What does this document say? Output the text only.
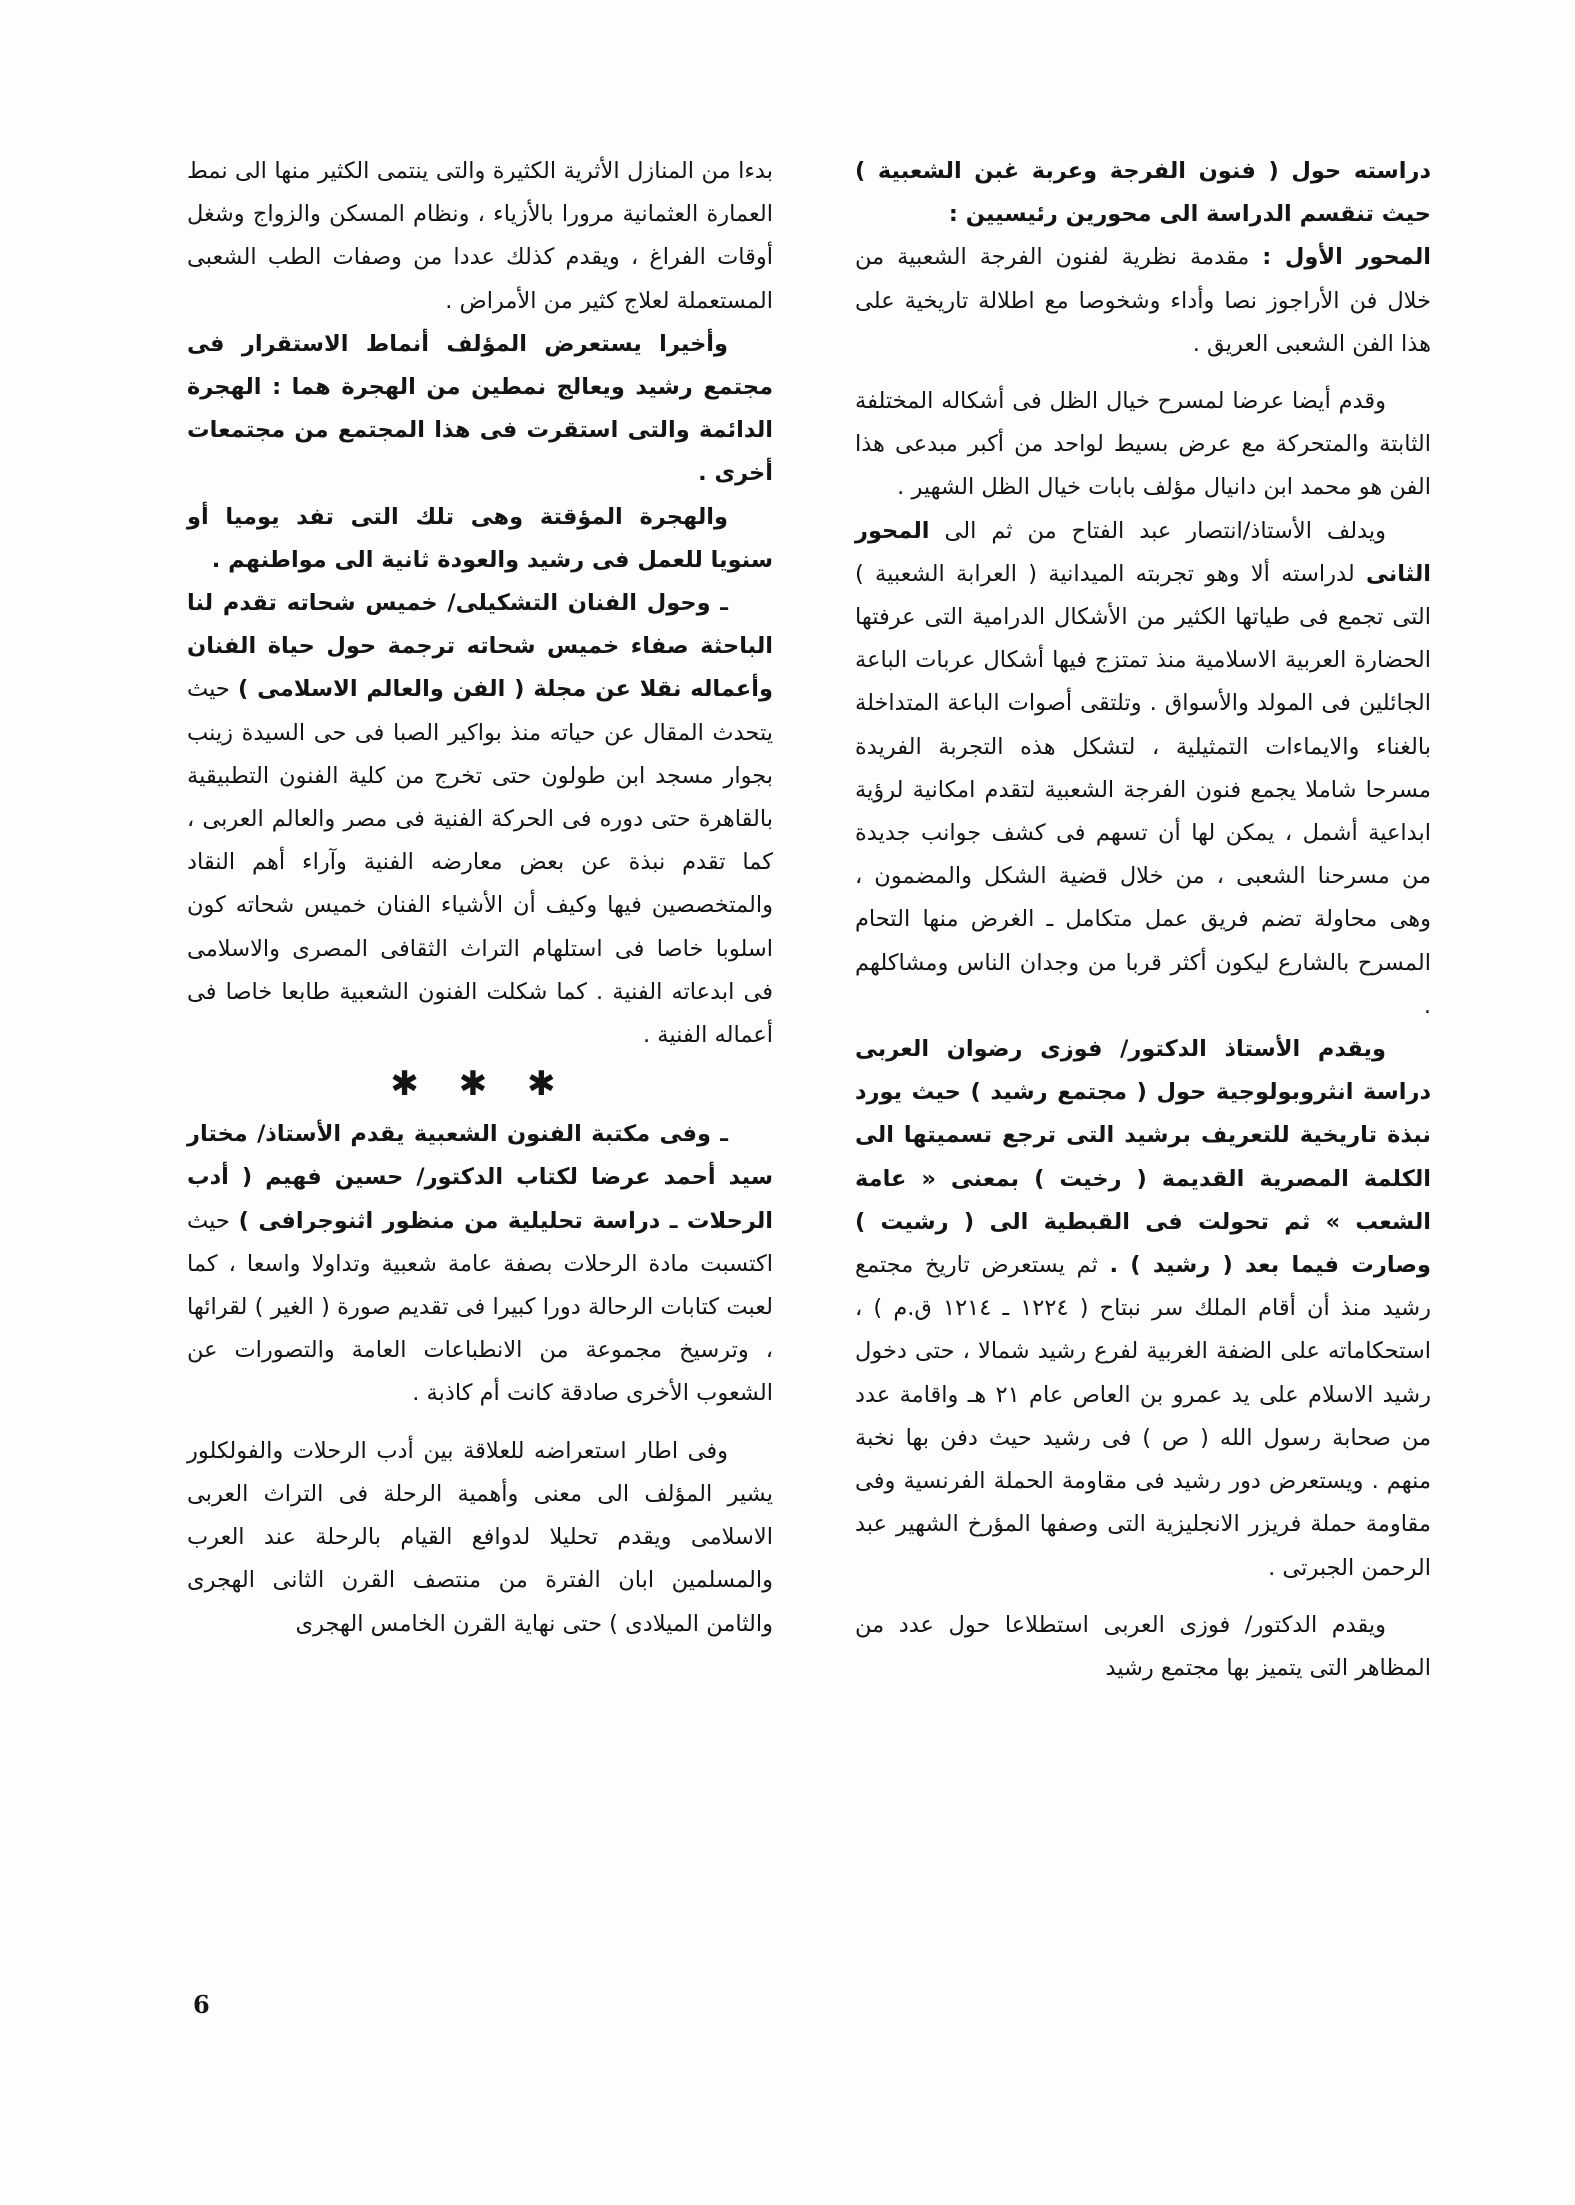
دراسته حول ( فنون الفرجة وعربة غبن الشعبية ) حيث تنقسم الدراسة الى محورين رئيسيين :

المحور الأول : مقدمة نظرية لفنون الفرجة الشعبية من خلال فن الأراجوز نصا وأداء وشخوصا مع اطلالة تاريخية على هذا الفن الشعبى العريق .

وقدم أيضا عرضا لمسرح خيال الظل فى أشكاله المختلفة الثابتة والمتحركة مع عرض بسيط لواحد من أكبر مبدعى هذا الفن هو محمد ابن دانيال مؤلف بابات خيال الظل الشهير .

ويدلف الأستاذ/انتصار عبد الفتاح من ثم الى المحور الثانى لدراسته ألا وهو تجربته الميدانية ( العرابة الشعبية ) التى تجمع فى طياتها الكثير من الأشكال الدرامية التى عرفتها الحضارة العربية الاسلامية منذ تمتزج فيها أشكال عربات الباعة الجائلين فى المولد والأسواق . وتلتقى أصوات الباعة المتداخلة بالغناء والايماءات التمثيلية ، لتشكل هذه التجربة الفريدة مسرحا شاملا يجمع فنون الفرجة الشعبية لتقدم امكانية لرؤية ابداعية أشمل ، يمكن لها أن تسهم فى كشف جوانب جديدة من مسرحنا الشعبى ، من خلال قضية الشكل والمضمون ، وهى محاولة تضم فريق عمل متكامل ـ الغرض منها التحام المسرح بالشارع ليكون أكثر قربا من وجدان الناس ومشاكلهم .

ويقدم الأستاذ الدكتور/ فوزى رضوان العربى دراسة انثروبولوجية حول ( مجتمع رشيد ) حيث يورد نبذة تاريخية للتعريف برشيد التى ترجع تسميتها الى الكلمة المصرية القديمة ( رخيت ) بمعنى « عامة الشعب » ثم تحولت فى القبطية الى ( رشيت ) وصارت فيما بعد ( رشيد ) . ثم يستعرض تاريخ مجتمع رشيد منذ أن أقام الملك سر نبتاح ( ١٢٢٤ ـ ١٢١٤ ق.م ) ، استحكاماته على الضفة الغربية لفرع رشيد شمالا ، حتى دخول رشيد الاسلام على يد عمرو بن العاص عام ٢١ هـ واقامة عدد من صحابة رسول الله ( ص ) فى رشيد حيث دفن بها نخبة منهم . ويستعرض دور رشيد فى مقاومة الحملة الفرنسية وفى مقاومة حملة فريزر الانجليزية التى وصفها المؤرخ الشهير عبد الرحمن الجبرتى .

ويقدم الدكتور/ فوزى العربى استطلاعا حول عدد من المظاهر التى يتميز بها مجتمع رشيد

بدءا من المنازل الأثرية الكثيرة والتى ينتمى الكثير منها الى نمط العمارة العثمانية مرورا بالأزياء ، ونظام المسكن والزواج وشغل أوقات الفراغ ، ويقدم كذلك عددا من وصفات الطب الشعبى المستعملة لعلاج كثير من الأمراض .

وأخيرا يستعرض المؤلف أنماط الاستقرار فى مجتمع رشيد ويعالج نمطين من الهجرة هما : الهجرة الدائمة والتى استقرت فى هذا المجتمع من مجتمعات أخرى .

والهجرة المؤقتة وهى تلك التى تفد يوميا أو سنويا للعمل فى رشيد والعودة ثانية الى مواطنهم .

ـ وحول الفنان التشكيلى/ خميس شحاته تقدم لنا الباحثة صفاء خميس شحاته ترجمة حول حياة الفنان وأعماله نقلا عن مجلة ( الفن والعالم الاسلامى ) حيث يتحدث المقال عن حياته منذ بواكير الصبا فى حى السيدة زينب بجوار مسجد ابن طولون حتى تخرج من كلية الفنون التطبيقية بالقاهرة حتى دوره فى الحركة الفنية فى مصر والعالم العربى ، كما تقدم نبذة عن بعض معارضه الفنية وآراء أهم النقاد والمتخصصين فيها وكيف أن الأشياء الفنان خميس شحاته كون اسلوبا خاصا فى استلهام التراث الثقافى المصرى والاسلامى فى ابدعاته الفنية . كما شكلت الفنون الشعبية طابعا خاصا فى أعماله الفنية .

✱ ✱ ✱

ـ وفى مكتبة الفنون الشعبية يقدم الأستاذ/ مختار سيد أحمد عرضا لكتاب الدكتور/ حسين فهيم ( أدب الرحلات ـ دراسة تحليلية من منظور اثنوجرافى ) حيث اكتسبت مادة الرحلات بصفة عامة شعبية وتداولا واسعا ، كما لعبت كتابات الرحالة دورا كبيرا فى تقديم صورة ( الغير ) لقرائها ، وترسيخ مجموعة من الانطباعات العامة والتصورات عن الشعوب الأخرى صادقة كانت أم كاذبة .

وفى اطار استعراضه للعلاقة بين أدب الرحلات والفولكلور يشير المؤلف الى معنى وأهمية الرحلة فى التراث العربى الاسلامى ويقدم تحليلا لدوافع القيام بالرحلة عند العرب والمسلمين ابان الفترة من منتصف القرن الثانى الهجرى والثامن الميلادى ) حتى نهاية القرن الخامس الهجرى

6
